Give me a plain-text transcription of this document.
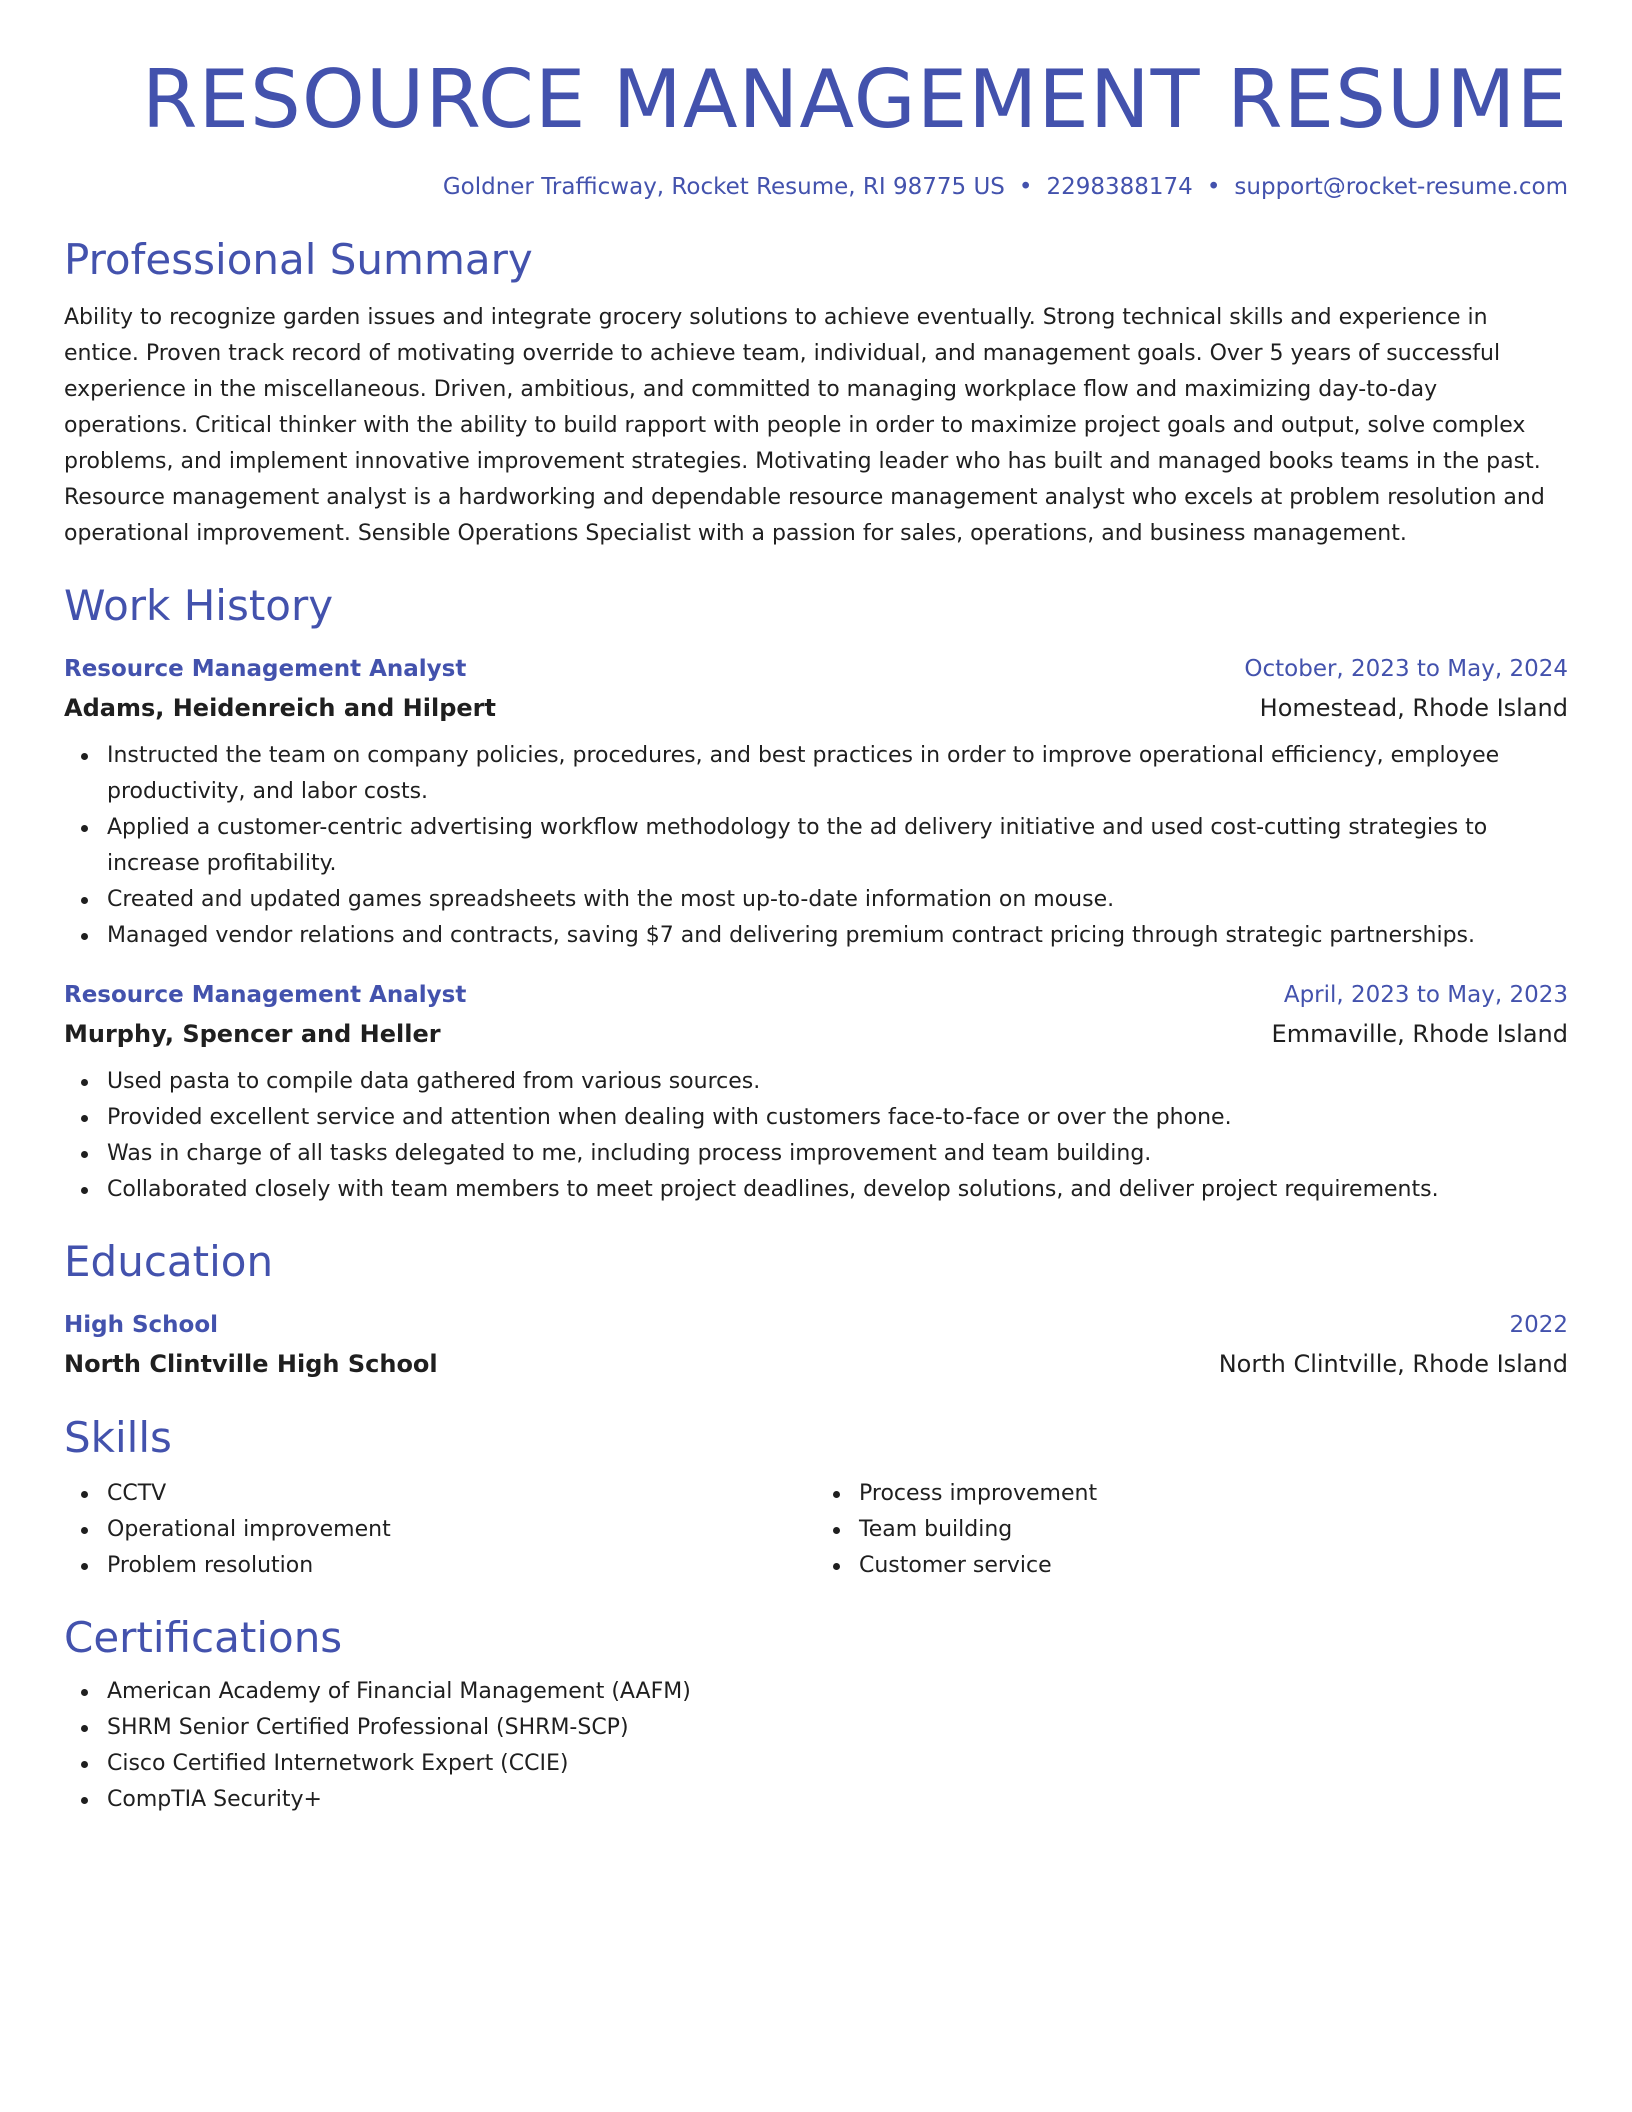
RESOURCE MANAGEMENT RESUME
Goldner Trafficway, Rocket Resume, RI 98775 US • 2298388174 • support@rocket-resume.com
Professional Summary

Ability to recognize garden issues and integrate grocery solutions to achieve eventually. Strong technical skills and experience in entice. Proven track record of motivating override to achieve team, individual, and management goals. Over 5 years of successful experience in the miscellaneous. Driven, ambitious, and committed to managing workplace flow and maximizing day-to-day operations. Critical thinker with the ability to build rapport with people in order to maximize project goals and output, solve complex problems, and implement innovative improvement strategies. Motivating leader who has built and managed books teams in the past. Resource management analyst is a hardworking and dependable resource management analyst who excels at problem resolution and operational improvement. Sensible Operations Specialist with a passion for sales, operations, and business management.

Work History
Resource Management Analyst	October, 2023 to May, 2024
Adams, Heidenreich and Hilpert	Homestead, Rhode Island
Instructed the team on company policies, procedures, and best practices in order to improve operational efficiency, employee productivity, and labor costs.
Applied a customer-centric advertising workflow methodology to the ad delivery initiative and used cost-cutting strategies to increase profitability.
Created and updated games spreadsheets with the most up-to-date information on mouse.
Managed vendor relations and contracts, saving $7 and delivering premium contract pricing through strategic partnerships.
Resource Management Analyst	April, 2023 to May, 2023
Murphy, Spencer and Heller	Emmaville, Rhode Island
Used pasta to compile data gathered from various sources.
Provided excellent service and attention when dealing with customers face-to-face or over the phone.
Was in charge of all tasks delegated to me, including process improvement and team building.
Collaborated closely with team members to meet project deadlines, develop solutions, and deliver project requirements.
Education
High School	2022
North Clintville High School	North Clintville, Rhode Island
Skills
CCTV
Operational improvement
Problem resolution
Process improvement
Team building
Customer service
Certifications
American Academy of Financial Management (AAFM)
SHRM Senior Certified Professional (SHRM-SCP)
Cisco Certified Internetwork Expert (CCIE)
CompTIA Security+
